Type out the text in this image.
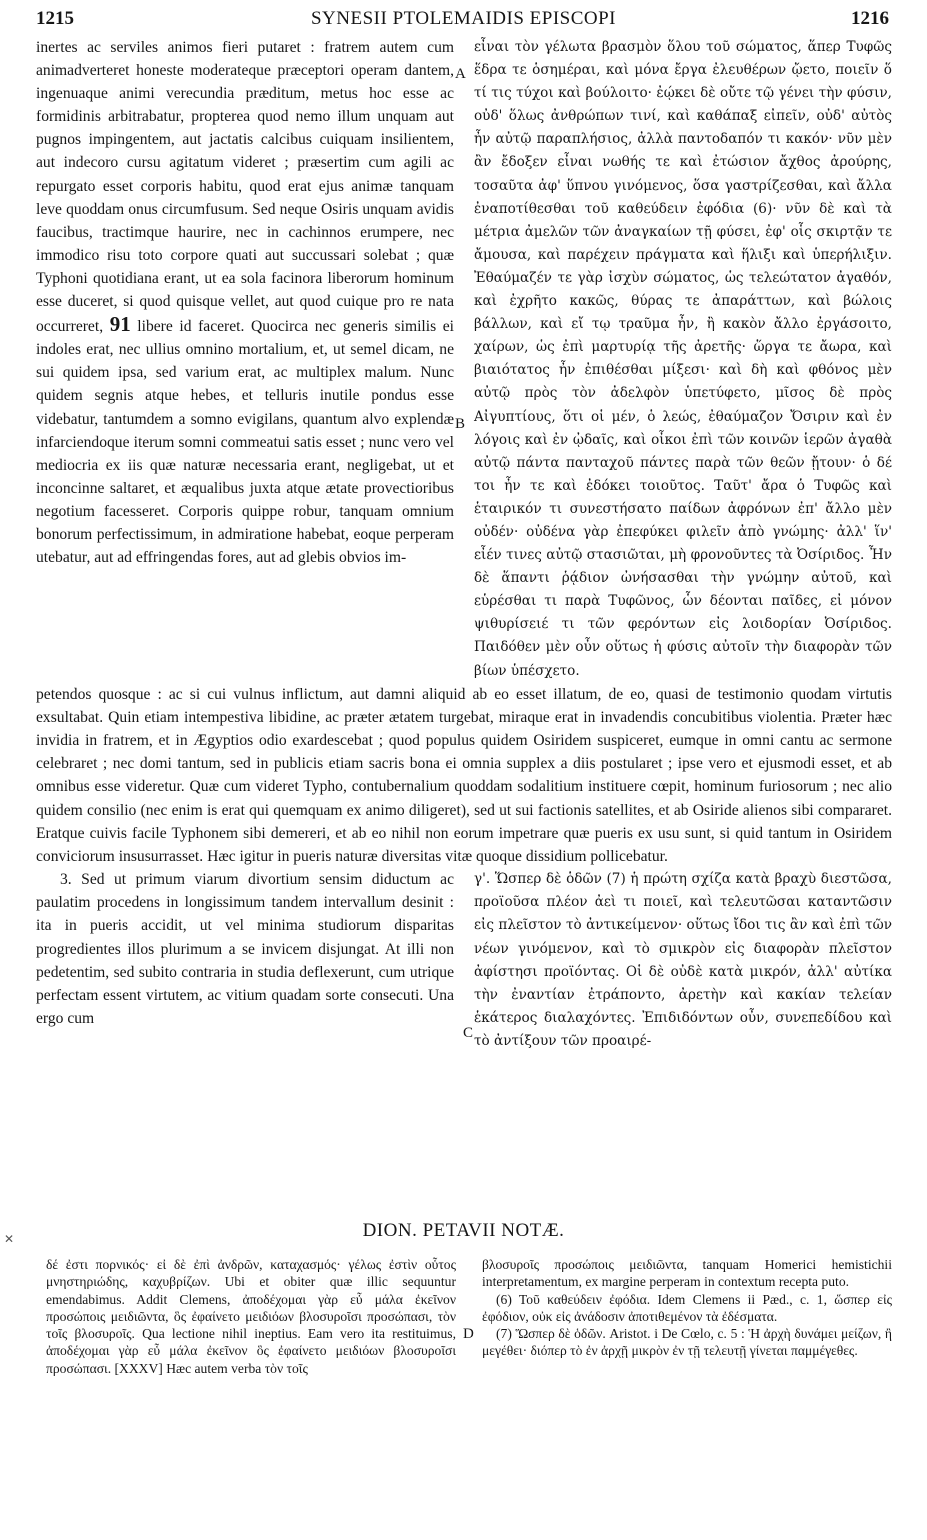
1215	SYNESII PTOLEMAIDIS EPISCOPI	1216
A
B
C
D
✕
inertes ac serviles animos fieri putaret : fratrem autem cum animadverteret honeste moderateque præceptori operam dantem, ingenuaque animi verecundia præditum, metus hoc esse ac formidinis arbitrabatur, propterea quod nemo illum unquam aut pugnos impingentem, aut jactatis calcibus cuiquam insilientem, aut indecoro cursu agitatum videret ; præsertim cum agili ac repurgato esset corporis habitu, quod erat ejus animæ tanquam leve quoddam onus circumfusum. Sed neque Osiris unquam avidis faucibus, tractimque haurire, nec in cachinnos erumpere, nec immodico risu toto corpore quati aut succussari solebat ; quæ Typhoni quotidiana erant, ut ea sola facinora liberorum hominum esse duceret, si quod quisque vellet, aut quod cuique pro re nata occurreret, 91 libere id faceret. Quocirca nec generis similis ei indoles erat, nec ullius omnino mortalium, et, ut semel dicam, ne sui quidem ipsa, sed varium erat, ac multiplex malum. Nunc quidem segnis atque hebes, et telluris inutile pondus esse videbatur, tantumdem a somno evigilans, quantum alvo explendæ infarciendoque iterum somni commeatui satis esset ; nunc vero vel mediocria ex iis quæ naturæ necessaria erant, negligebat, ut et inconcinne saltaret, et æqualibus juxta atque ætate provectioribus negotium facesseret. Corporis quippe robur, tanquam omnium bonorum perfectissimum, in admiratione habebat, eoque perperam utebatur, aut ad effringendas fores, aut ad glebis obvios im-
εἶναι τὸν γέλωτα βρασμὸν ὅλου τοῦ σώματος, ἅπερ Τυφῶς ἕδρα τε ὁσημέραι, καὶ μόνα ἔργα ἐλευθέρων ᾤετο, ποιεῖν ὅ τί τις τύχοι καὶ βούλοιτο· ἐῴκει δὲ οὔτε τῷ γένει τὴν φύσιν, οὐδ' ὅλως ἀνθρώπων τινί, καὶ καθάπαξ εἰπεῖν, οὐδ' αὐτὸς ἦν αὐτῷ παραπλήσιος, ἀλλὰ παντοδαπόν τι κακόν· νῦν μὲν ἂν ἔδοξεν εἶναι νωθής τε καὶ ἐτώσιον ἄχθος ἀρούρης, τοσαῦτα ἀφ' ὕπνου γινόμενος, ὅσα γαστρίζεσθαι, καὶ ἄλλα ἐναποτίθεσθαι τοῦ καθεύδειν ἐφόδια (6)· νῦν δὲ καὶ τὰ μέτρια ἀμελῶν τῶν ἀναγκαίων τῇ φύσει, ἐφ' οἷς σκιρτᾷν τε ἄμουσα, καὶ παρέχειν πράγματα καὶ ἥλιξι καὶ ὑπερήλιξιν. Ἐθαύμαζέν τε γὰρ ἰσχὺν σώματος, ὡς τελεώτατον ἀγαθόν, καὶ ἐχρῆτο κακῶς, θύρας τε ἀπαράττων, καὶ βώλοις βάλλων, καὶ εἴ τῳ τραῦμα ἦν, ἢ κακὸν ἄλλο ἐργάσοιτο, χαίρων, ὡς ἐπὶ μαρτυρίᾳ τῆς ἀρετῆς· ὥργα τε ἄωρα, καὶ βιαιότατος ἦν ἐπιθέσθαι μίξεσι· καὶ δὴ καὶ φθόνος μὲν αὐτῷ πρὸς τὸν ἀδελφὸν ὑπετύφετο, μῖσος δὲ πρὸς Αἰγυπτίους, ὅτι οἱ μέν, ὁ λεώς, ἐθαύμαζον Ὄσιριν καὶ ἐν λόγοις καὶ ἐν ᾠδαῖς, καὶ οἶκοι ἐπὶ τῶν κοινῶν ἱερῶν ἀγαθὰ αὐτῷ πάντα πανταχοῦ πάντες παρὰ τῶν θεῶν ᾔτουν· ὁ δέ τοι ἦν τε καὶ ἐδόκει τοιοῦτος. Ταῦτ' ἄρα ὁ Τυφῶς καὶ ἑταιρικόν τι συνεστήσατο παίδων ἀφρόνων ἐπ' ἄλλο μὲν οὐδέν· οὐδένα γὰρ ἐπεφύκει φιλεῖν ἀπὸ γνώμης· ἀλλ' ἵν' εἶέν τινες αὐτῷ στασιῶται, μὴ φρονοῦντες τὰ Ὀσίριδος. Ἦν δὲ ἅπαντι ῥᾴδιον ὠνήσασθαι τὴν γνώμην αὐτοῦ, καὶ εὑρέσθαι τι παρὰ Τυφῶνος, ὧν δέονται παῖδες, εἰ μόνον ψιθυρίσειέ τι τῶν φερόντων εἰς λοιδορίαν Ὀσίριδος. Παιδόθεν μὲν οὖν οὕτως ἡ φύσις αὐτοῖν τὴν διαφορὰν τῶν βίων ὑπέσχετο.
petendos quosque : ac si cui vulnus inflictum, aut damni aliquid ab eo esset illatum, de eo, quasi de testimonio quodam virtutis exsultabat. Quin etiam intempestiva libidine, ac præter ætatem turgebat, miraque erat in invadendis concubitibus violentia. Præter hæc invidia in fratrem, et in Ægyptios odio exardescebat ; quod populus quidem Osiridem suspiceret, eumque in omni cantu ac sermone celebraret ; nec domi tantum, sed in publicis etiam sacris bona ei omnia supplex a diis postularet ; ipse vero et ejusmodi esset, et ab omnibus esse videretur. Quæ cum videret Typho, contubernalium quoddam sodalitium instituere cœpit, hominum furiosorum ; nec alio quidem consilio (nec enim is erat qui quemquam ex animo diligeret), sed ut sui factionis satellites, et ab Osiride alienos sibi compararet. Eratque cuivis facile Typhonem sibi demereri, et ab eo nihil non eorum impetrare quæ pueris ex usu sunt, si quid tantum in Osiridem conviciorum insusurrasset. Hæc igitur in pueris naturæ diversitas vitæ quoque dissidium pollicebatur.
3. Sed ut primum viarum divortium sensim diductum ac paulatim procedens in longissimum tandem intervallum desinit : ita in pueris accidit, ut vel minima studiorum disparitas progredientes illos plurimum a se invicem disjungat. At illi non pedetentim, sed subito contraria in studia deflexerunt, cum utrique perfectam essent virtutem, ac vitium quadam sorte consecuti. Una ergo cum
γ'. Ὥσπερ δὲ ὁδῶν (7) ἡ πρώτη σχίζα κατὰ βραχὺ διεστῶσα, προϊοῦσα πλέον ἀεὶ τι ποιεῖ, καὶ τελευτῶσαι καταντῶσιν εἰς πλεῖστον τὸ ἀντικείμενον· οὕτως ἴδοι τις ἂν καὶ ἐπὶ τῶν νέων γινόμενον, καὶ τὸ σμικρὸν εἰς διαφορὰν πλεῖστον ἀφίστησι προϊόντας. Οἱ δὲ οὐδὲ κατὰ μικρόν, ἀλλ' αὐτίκα τὴν ἐναντίαν ἐτράποντο, ἀρετὴν καὶ κακίαν τελείαν ἑκάτερος διαλαχόντες. Ἐπιδιδόντων οὖν, συνεπεδίδου καὶ τὸ ἀντίξουν τῶν προαιρέ-
DION. PETAVII NOTÆ.
δέ ἐστι πορνικός· εἰ δὲ ἐπὶ ἀνδρῶν, καταχασμός· γέλως ἐστὶν οὗτος μνηστηριώδης, καχυβρίζων. Ubi et obiter quæ illic sequuntur emendabimus. Addit Clemens, ἀποδέχομαι γὰρ εὖ μάλα ἐκεῖνον προσώποις μειδιῶντα, ὃς ἐφαίνετο μειδιόων βλοσυροῖσι προσώπασι, τὸν τοῖς βλοσυροῖς. Qua lectione nihil ineptius. Eam vero ita restituimus, ἀποδέχομαι γὰρ εὖ μάλα ἐκεῖνον ὃς ἐφαίνετο μειδιόων βλοσυροῖσι προσώπασι. [XXXV] Hæc autem verba τὸν τοῖς
βλοσυροῖς προσώποις μειδιῶντα, tanquam Homerici hemistichii interpretamentum, ex margine perperam in contextum recepta puto.
(6) Τοῦ καθεύδειν ἐφόδια. Idem Clemens ii Pæd., c. 1, ὥσπερ εἰς ἐφόδιον, οὐκ εἰς ἀνάδοσιν ἀποτιθεμένον τὰ ἐδέσματα.
(7) Ὥσπερ δὲ ὁδῶν. Aristot. i De Cœlo, c. 5 : Ἡ ἀρχὴ δυνάμει μείζων, ἢ μεγέθει· διόπερ τὸ ἐν ἀρχῇ μικρὸν ἐν τῇ τελευτῇ γίνεται παμμέγεθες.
